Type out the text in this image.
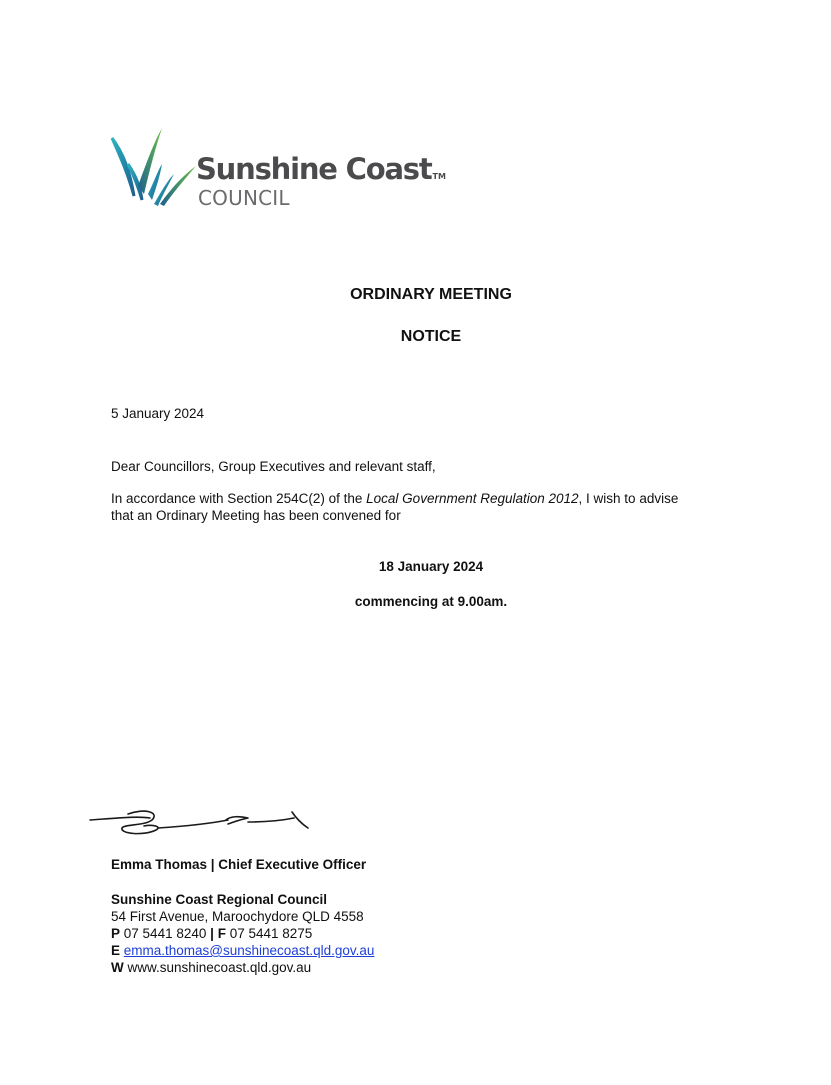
Sunshine CoastTM
COUNCIL
ORDINARY MEETING
NOTICE
5 January 2024
Dear Councillors, Group Executives and relevant staff,
In accordance with Section 254C(2) of the Local Government Regulation 2012, I wish to advise
that an Ordinary Meeting has been convened for
18 January 2024
commencing at 9.00am.
Emma Thomas | Chief Executive Officer
Sunshine Coast Regional Council
54 First Avenue, Maroochydore QLD 4558
P 07 5441 8240 | F 07 5441 8275
E emma.thomas@sunshinecoast.qld.gov.au
W www.sunshinecoast.qld.gov.au
